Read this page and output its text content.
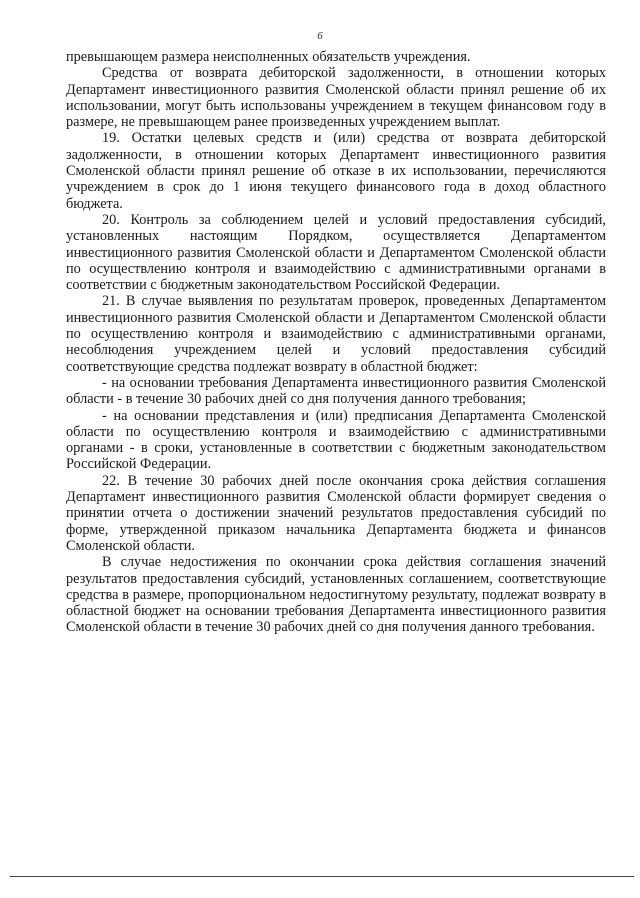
6

превышающем размера неисполненных обязательств учреждения.

Средства от возврата дебиторской задолженности, в отношении которых Департамент инвестиционного развития Смоленской области принял решение об их использовании, могут быть использованы учреждением в текущем финансовом году в размере, не превышающем ранее произведенных учреждением выплат.

19. Остатки целевых средств и (или) средства от возврата дебиторской задолженности, в отношении которых Департамент инвестиционного развития Смоленской области принял решение об отказе в их использовании, перечисляются учреждением в срок до 1 июня текущего финансового года в доход областного бюджета.

20. Контроль за соблюдением целей и условий предоставления субсидий, установленных настоящим Порядком, осуществляется Департаментом инвестиционного развития Смоленской области и Департаментом Смоленской области по осуществлению контроля и взаимодействию с административными органами в соответствии с бюджетным законодательством Российской Федерации.

21. В случае выявления по результатам проверок, проведенных Департаментом инвестиционного развития Смоленской области и Департаментом Смоленской области по осуществлению контроля и взаимодействию с административными органами, несоблюдения учреждением целей и условий предоставления субсидий соответствующие средства подлежат возврату в областной бюджет:

- на основании требования Департамента инвестиционного развития Смоленской области - в течение 30 рабочих дней со дня получения данного требования;

- на основании представления и (или) предписания Департамента Смоленской области по осуществлению контроля и взаимодействию с административными органами - в сроки, установленные в соответствии с бюджетным законодательством Российской Федерации.

22. В течение 30 рабочих дней после окончания срока действия соглашения Департамент инвестиционного развития Смоленской области формирует сведения о принятии отчета о достижении значений результатов предоставления субсидий по форме, утвержденной приказом начальника Департамента бюджета и финансов Смоленской области.

В случае недостижения по окончании срока действия соглашения значений результатов предоставления субсидий, установленных соглашением, соответствующие средства в размере, пропорциональном недостигнутому результату, подлежат возврату в областной бюджет на основании требования Департамента инвестиционного развития Смоленской области в течение 30 рабочих дней со дня получения данного требования.
